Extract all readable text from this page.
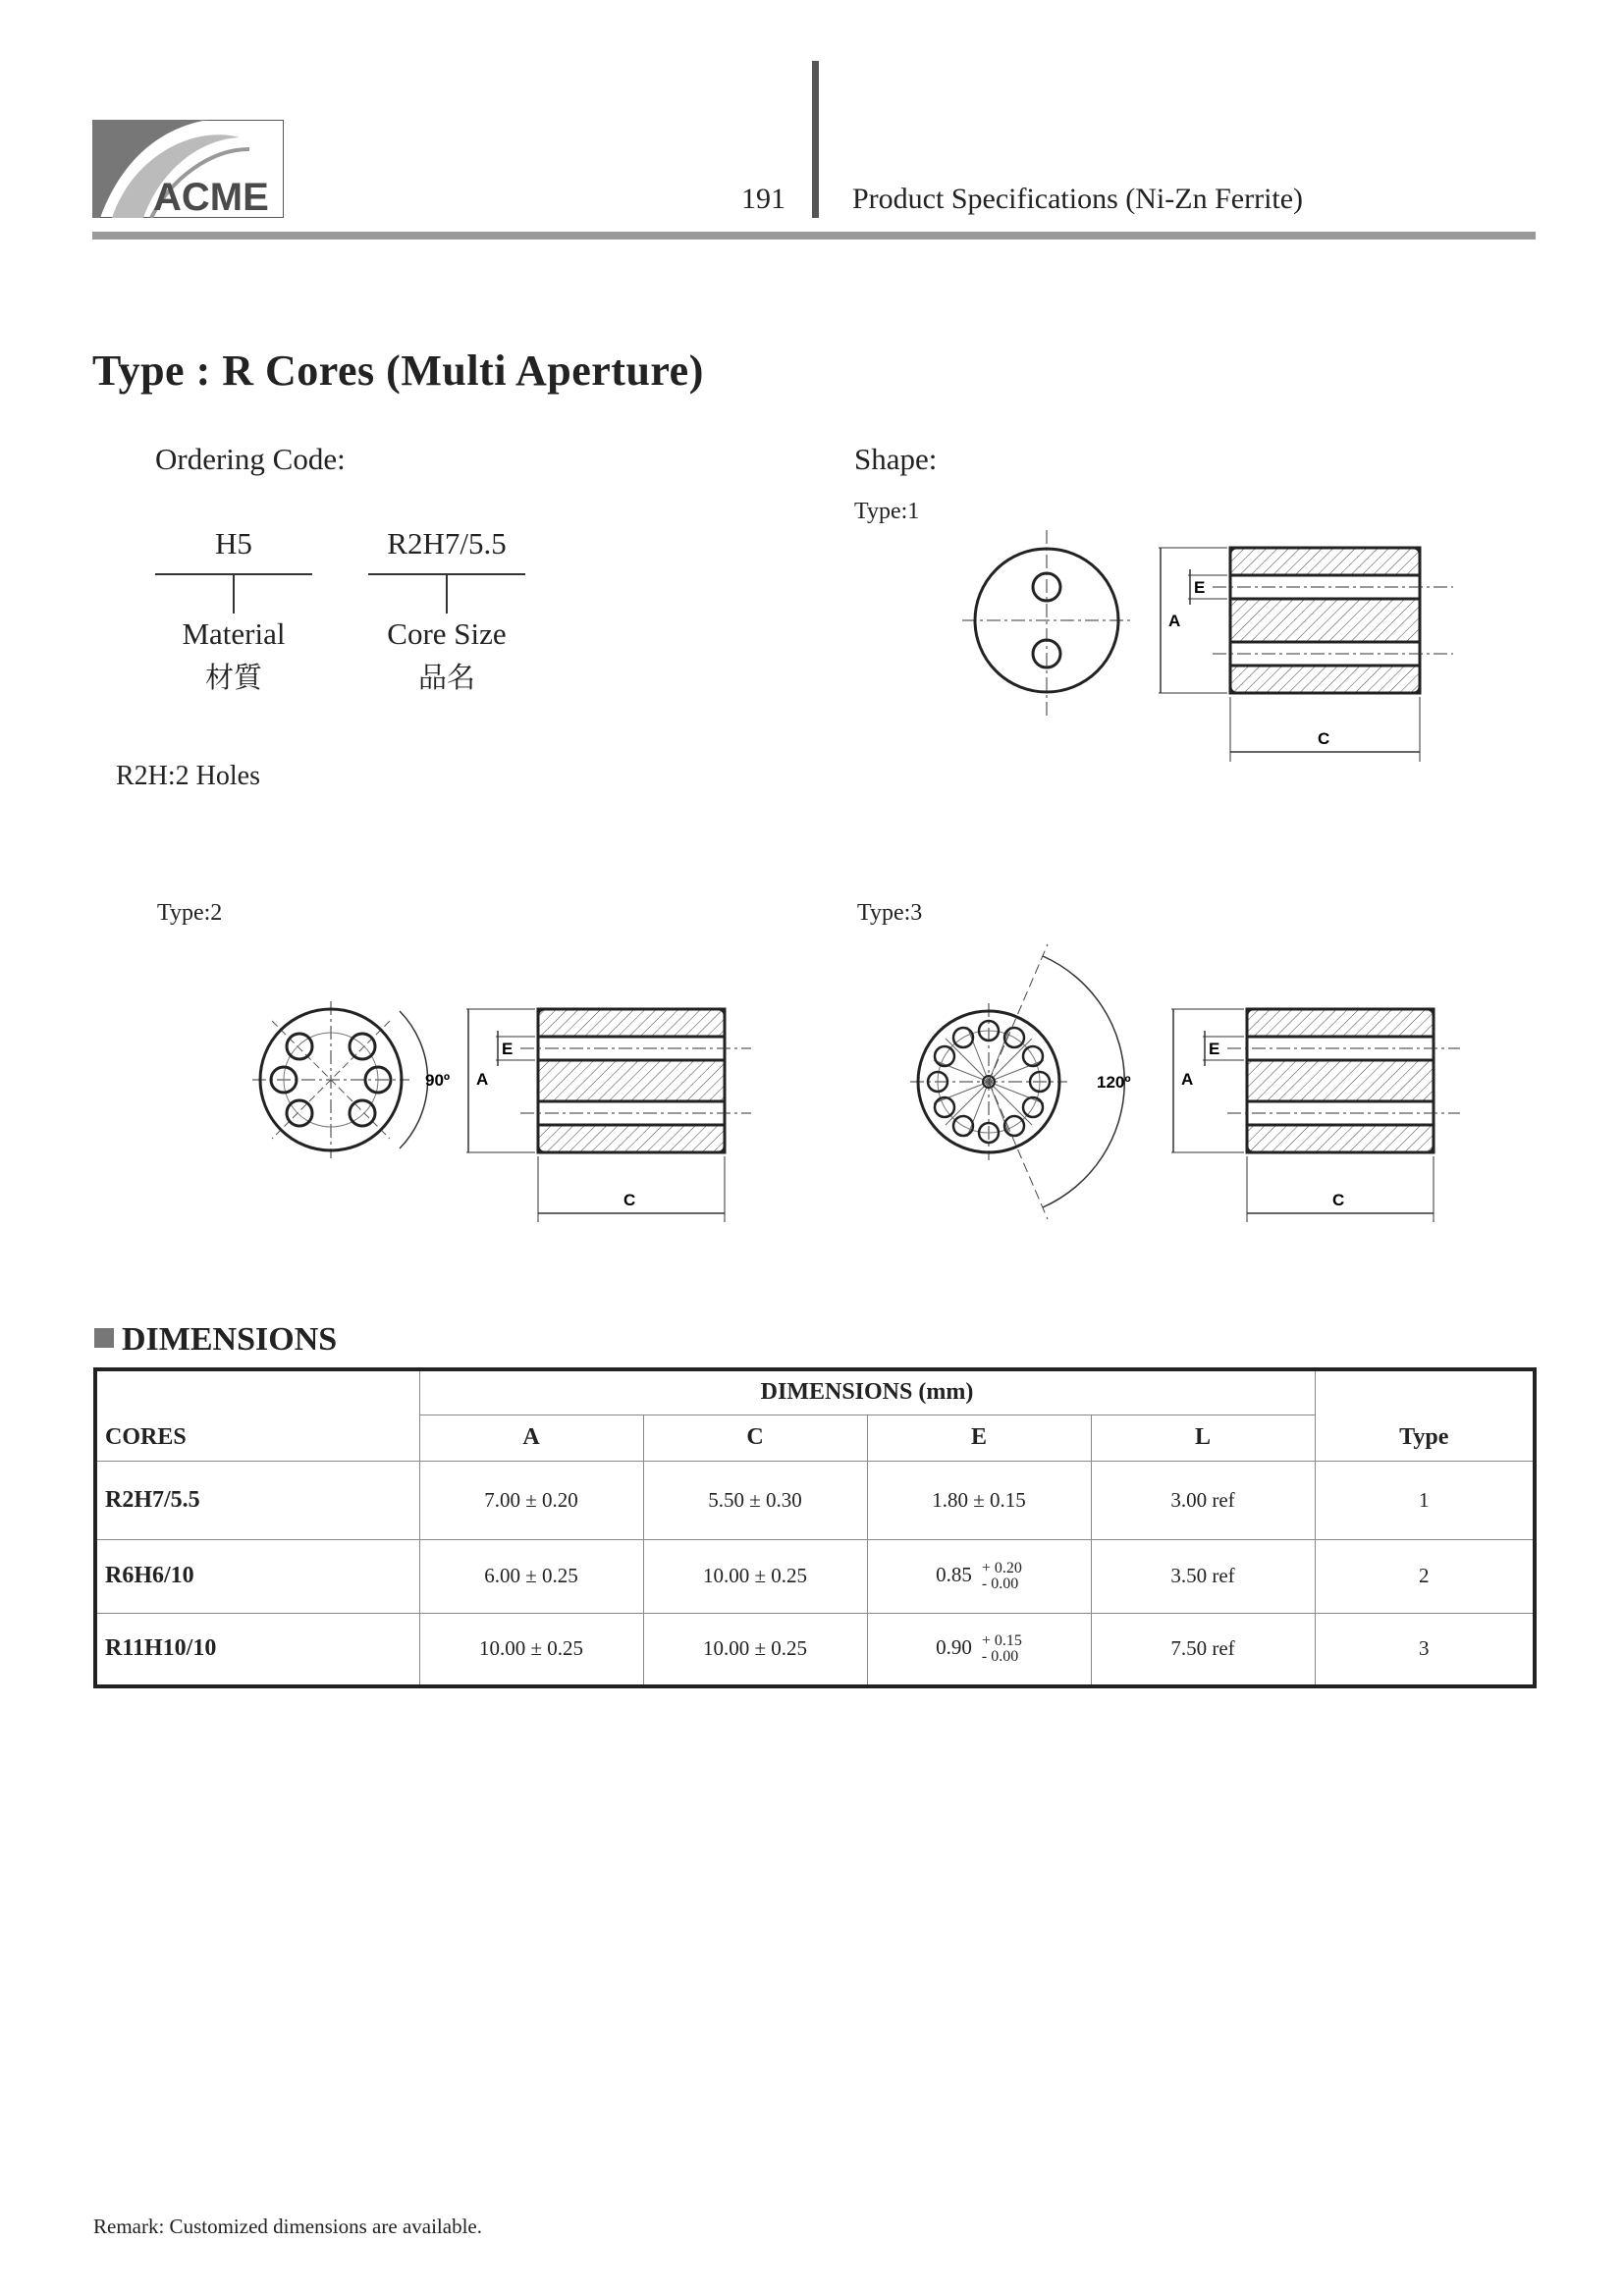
ACME	191 Product Specifications (Ni-Zn Ferrite)
Type : R Cores (Multi Aperture)
Ordering Code:
H5	R2H7/5.5
Material
材質
Core Size
品名
R2H:2 Holes
Shape:
Type:1
Type:2	Type:3
A
E
C
90º A
E
C
120º	A
E
C
DIMENSIONS
CORES	DIMENSIONS (mm)				Type
	A	C	E	L	
R2H7/5.5	7.00 ± 0.20	5.50 ± 0.30	1.80 ± 0.15	3.00 ref	1
R6H6/10	6.00 ± 0.25	10.00 ± 0.25	0.85 + 0.20
- 0.00	3.50 ref	2
R11H10/10	10.00 ± 0.25	10.00 ± 0.25	0.90 + 0.15
- 0.00	7.50 ref	3
Remark: Customized dimensions are available.
